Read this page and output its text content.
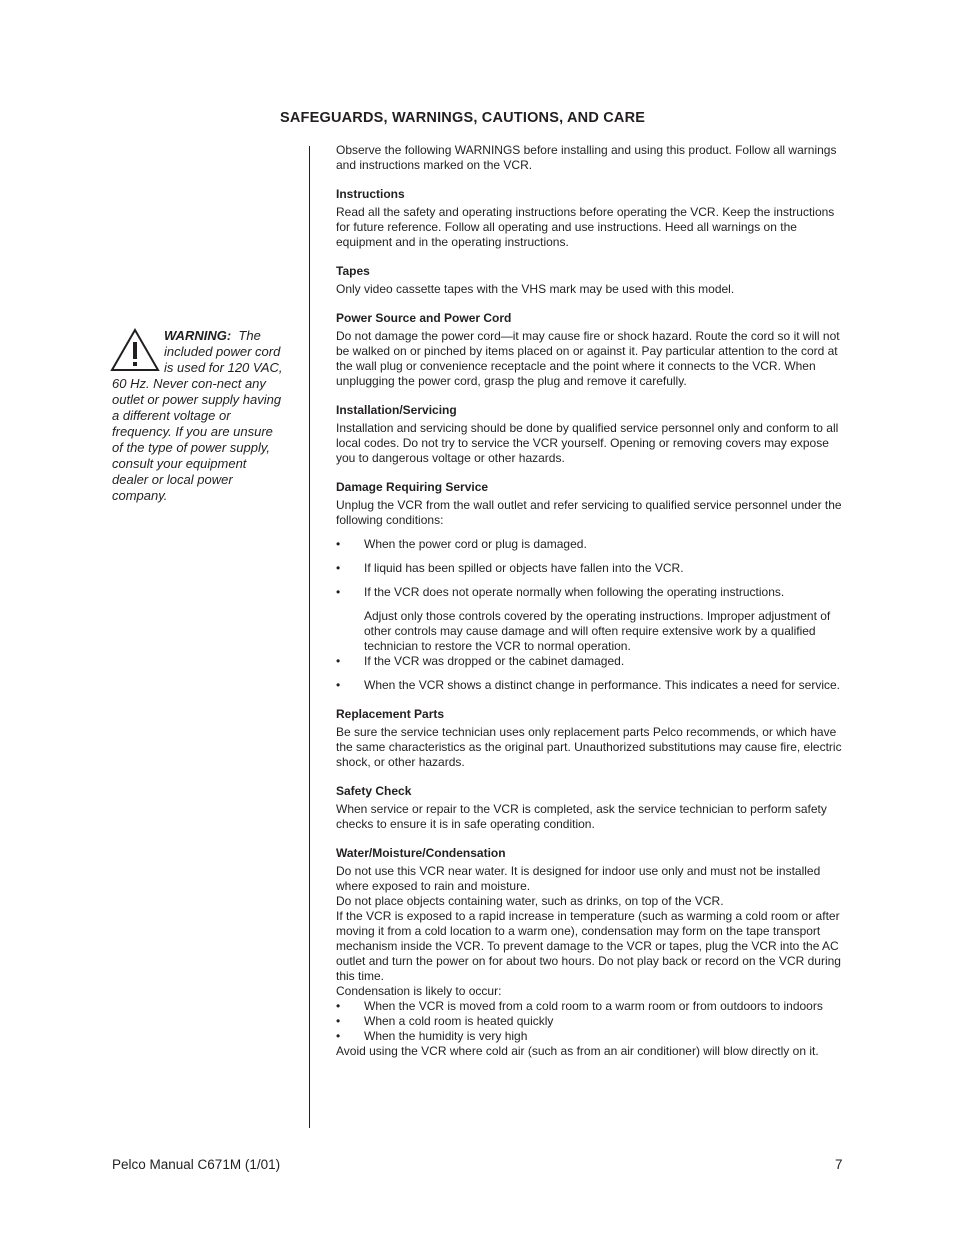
SAFEGUARDS, WARNINGS, CAUTIONS, AND CARE
WARNING: The included power cord is used for 120 VAC, 60 Hz. Never con-nect any outlet or power supply having a different voltage or frequency. If you are unsure of the type of power supply, consult your equipment dealer or local power company.

Observe the following WARNINGS before installing and using this product. Follow all warnings and instructions marked on the VCR.

Instructions

Read all the safety and operating instructions before operating the VCR. Keep the instructions for future reference. Follow all operating and use instructions. Heed all warnings on the equipment and in the operating instructions.

Tapes

Only video cassette tapes with the VHS mark may be used with this model.

Power Source and Power Cord

Do not damage the power cord—it may cause fire or shock hazard. Route the cord so it will not be walked on or pinched by items placed on or against it. Pay particular attention to the cord at the wall plug or convenience receptacle and the point where it connects to the VCR. When unplugging the power cord, grasp the plug and remove it carefully.

Installation/Servicing

Installation and servicing should be done by qualified service personnel only and conform to all local codes. Do not try to service the VCR yourself. Opening or removing covers may expose you to dangerous voltage or other hazards.

Damage Requiring Service

Unplug the VCR from the wall outlet and refer servicing to qualified service personnel under the following conditions:

• When the power cord or plug is damaged.
• If liquid has been spilled or objects have fallen into the VCR.
• If the VCR does not operate normally when following the operating instructions.

Adjust only those controls covered by the operating instructions. Improper adjustment of other controls may cause damage and will often require extensive work by a qualified technician to restore the VCR to normal operation.

• If the VCR was dropped or the cabinet damaged.
• When the VCR shows a distinct change in performance. This indicates a need for service.
Replacement Parts

Be sure the service technician uses only replacement parts Pelco recommends, or which have the same characteristics as the original part. Unauthorized substitutions may cause fire, electric shock, or other hazards.

Safety Check

When service or repair to the VCR is completed, ask the service technician to perform safety checks to ensure it is in safe operating condition.

Water/Moisture/Condensation

Do not use this VCR near water. It is designed for indoor use only and must not be installed where exposed to rain and moisture.

Do not place objects containing water, such as drinks, on top of the VCR.

If the VCR is exposed to a rapid increase in temperature (such as warming a cold room or after moving it from a cold location to a warm one), condensation may form on the tape transport mechanism inside the VCR. To prevent damage to the VCR or tapes, plug the VCR into the AC outlet and turn the power on for about two hours. Do not play back or record on the VCR during this time.

Condensation is likely to occur:

• When the VCR is moved from a cold room to a warm room or from outdoors to indoors
• When a cold room is heated quickly
• When the humidity is very high

Avoid using the VCR where cold air (such as from an air conditioner) will blow directly on it.

Pelco Manual C671M (1/01)	7
